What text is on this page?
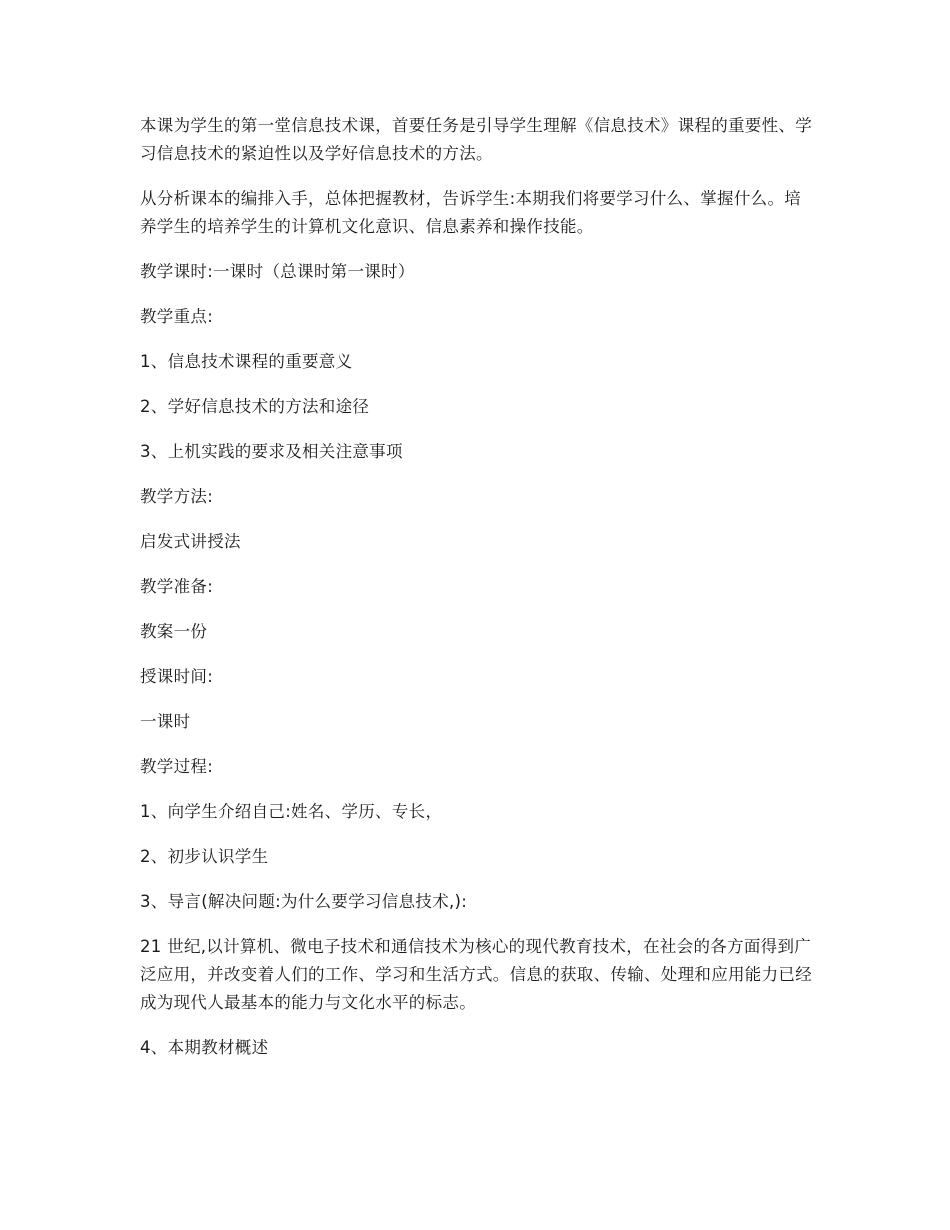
本课为学生的第一堂信息技术课，首要任务是引导学生理解《信息技术》课程的重要性、学习信息技术的紧迫性以及学好信息技术的方法。

从分析课本的编排入手，总体把握教材，告诉学生:本期我们将要学习什么、掌握什么。培养学生的培养学生的计算机文化意识、信息素养和操作技能。

教学课时:一课时（总课时第一课时）

教学重点:

1、信息技术课程的重要意义

2、学好信息技术的方法和途径

3、上机实践的要求及相关注意事项

教学方法:

启发式讲授法

教学准备:

教案一份

授课时间:

一课时

教学过程:

1、向学生介绍自己:姓名、学历、专长，

2、初步认识学生

3、导言(解决问题:为什么要学习信息技术,):

21 世纪,以计算机、微电子技术和通信技术为核心的现代教育技术，在社会的各方面得到广泛应用，并改变着人们的工作、学习和生活方式。信息的获取、传输、处理和应用能力已经成为现代人最基本的能力与文化水平的标志。

4、本期教材概述
